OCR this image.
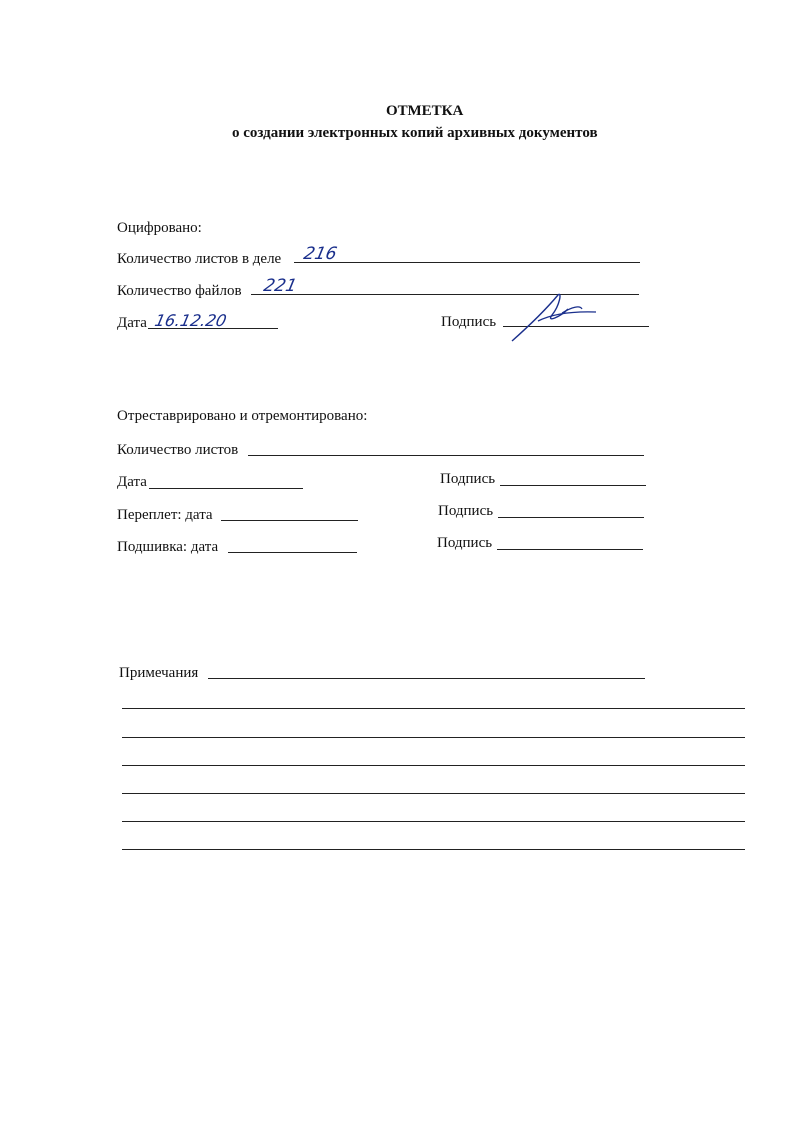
ОТМЕТКА
о создании электронных копий архивных документов
Оцифровано:
Количество листов в деле 216
Количество файлов 221
Дата 16.12.20	Подпись
Отреставрировано и отремонтировано:
Количество листов
Дата	Подпись
Переплет: дата	Подпись
Подшивка: дата	Подпись
Примечания
